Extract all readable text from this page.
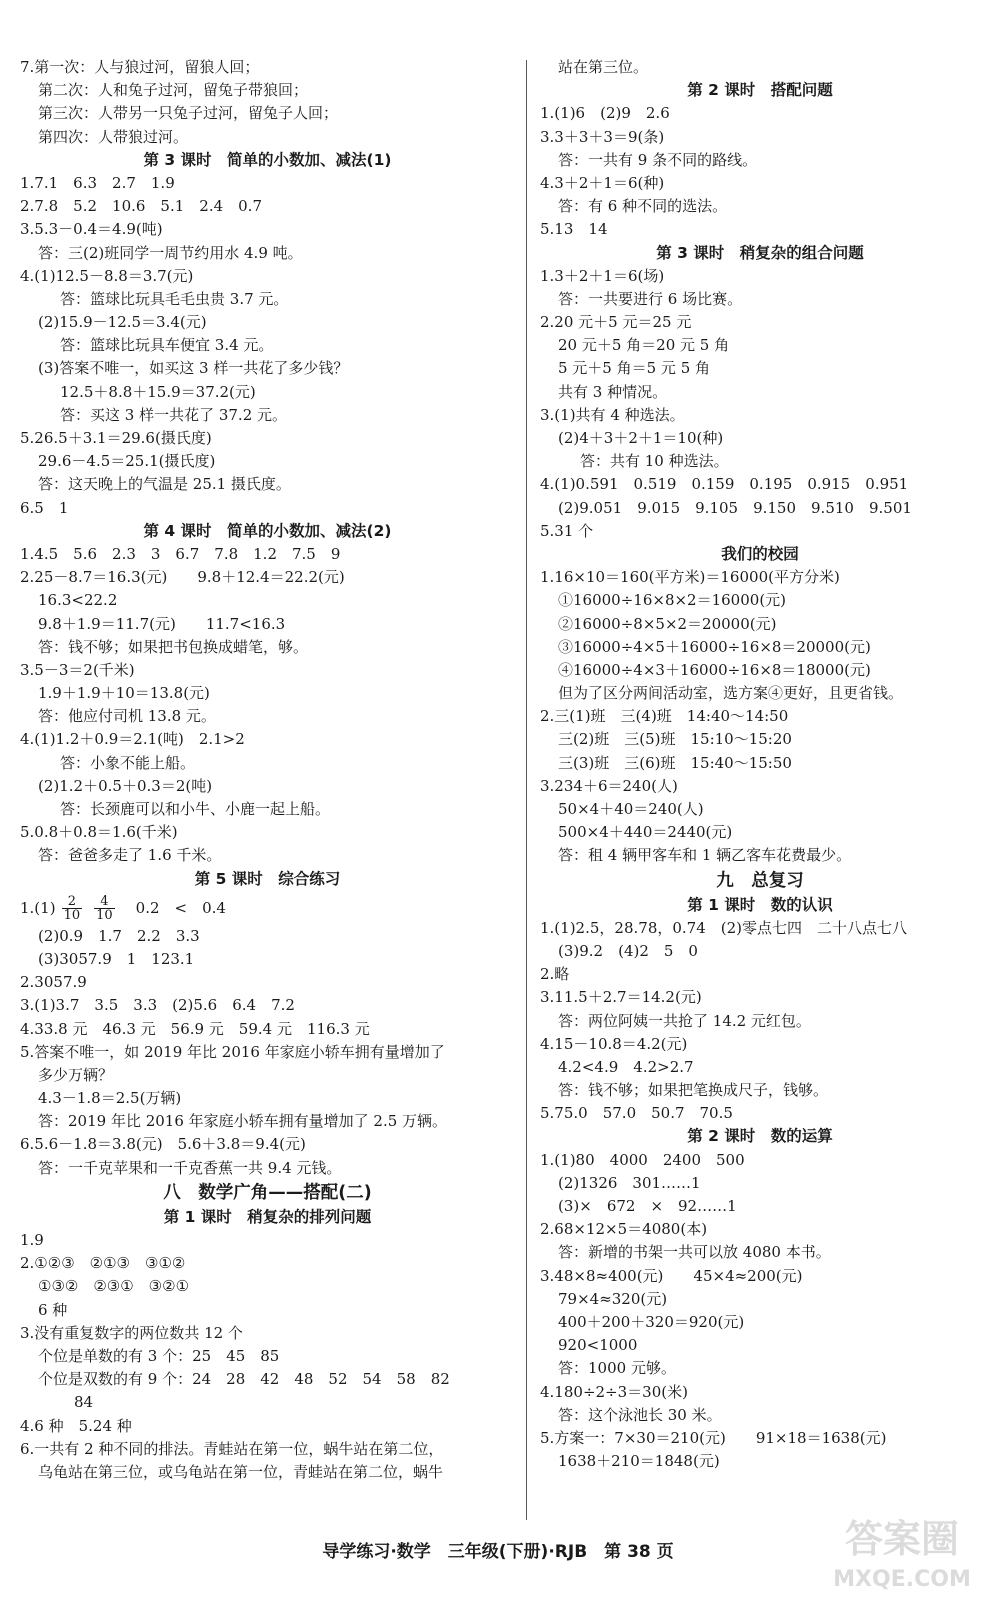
7.第一次：人与狼过河，留狼人回；
第二次：人和兔子过河，留兔子带狼回；
第三次：人带另一只兔子过河，留兔子人回；
第四次：人带狼过河。
第 3 课时　简单的小数加、减法(1)
1.7.1　6.3　2.7　1.9
2.7.8　5.2　10.6　5.1　2.4　0.7
3.5.3－0.4＝4.9(吨)
答：三(2)班同学一周节约用水 4.9 吨。
4.(1)12.5－8.8＝3.7(元)
答：篮球比玩具毛毛虫贵 3.7 元。
(2)15.9－12.5＝3.4(元)
答：篮球比玩具车便宜 3.4 元。
(3)答案不唯一，如买这 3 样一共花了多少钱？
12.5＋8.8＋15.9＝37.2(元)
答：买这 3 样一共花了 37.2 元。
5.26.5＋3.1＝29.6(摄氏度)
29.6－4.5＝25.1(摄氏度)
答：这天晚上的气温是 25.1 摄氏度。
6.5　1
第 4 课时　简单的小数加、减法(2)
1.4.5　5.6　2.3　3　6.7　7.8　1.2　7.5　9
2.25－8.7＝16.3(元)　　9.8＋12.4＝22.2(元)
16.3<22.2
9.8＋1.9＝11.7(元)　　11.7<16.3
答：钱不够；如果把书包换成蜡笔，够。
3.5－3＝2(千米)
1.9＋1.9＋10＝13.8(元)
答：他应付司机 13.8 元。
4.(1)1.2＋0.9＝2.1(吨)　2.1>2
答：小象不能上船。
(2)1.2＋0.5＋0.3＝2(吨)
答：长颈鹿可以和小牛、小鹿一起上船。
5.0.8＋0.8＝1.6(千米)
答：爸爸多走了 1.6 千米。
第 5 课时　综合练习
$1.(1) \frac{2}{10} \frac{4}{10}$ 　0.2　<　0.4
(2)0.9　1.7　2.2　3.3
(3)3057.9　1　123.1
2.3057.9
3.(1)3.7　3.5　3.3　(2)5.6　6.4　7.2
4.33.8 元　46.3 元　56.9 元　59.4 元　116.3 元
5.答案不唯一，如 2019 年比 2016 年家庭小轿车拥有量增加了
多少万辆？
4.3－1.8＝2.5(万辆)
答：2019 年比 2016 年家庭小轿车拥有量增加了 2.5 万辆。
6.5.6－1.8＝3.8(元)　5.6＋3.8＝9.4(元)
答：一千克苹果和一千克香蕉一共 9.4 元钱。
八　数学广角——搭配(二)
第 1 课时　稍复杂的排列问题
1.9
2.①②③　②①③　③①②
①③②　②③①　③②①
6 种
3.没有重复数字的两位数共 12 个
个位是单数的有 3 个：25　45　85
个位是双数的有 9 个：24　28　42　48　52　54　58　82
84
4.6 种　5.24 种
6.一共有 2 种不同的排法。青蛙站在第一位，蜗牛站在第二位，
乌龟站在第三位，或乌龟站在第一位，青蛙站在第二位，蜗牛
站在第三位。
第 2 课时　搭配问题
1.(1)6　(2)9　2.6
3.3＋3＋3＝9(条)
答：一共有 9 条不同的路线。
4.3＋2＋1＝6(种)
答：有 6 种不同的选法。
5.13　14
第 3 课时　稍复杂的组合问题
1.3＋2＋1＝6(场)
答：一共要进行 6 场比赛。
2.20 元＋5 元＝25 元
20 元＋5 角＝20 元 5 角
5 元＋5 角＝5 元 5 角
共有 3 种情况。
3.(1)共有 4 种选法。
(2)4＋3＋2＋1＝10(种)
答：共有 10 种选法。
4.(1)0.591　0.519　0.159　0.195　0.915　0.951
(2)9.051　9.015　9.105　9.150　9.510　9.501
5.31 个
我们的校园
1.16×10＝160(平方米)＝16000(平方分米)
①16000÷16×8×2＝16000(元)
②16000÷8×5×2＝20000(元)
③16000÷4×5＋16000÷16×8＝20000(元)
④16000÷4×3＋16000÷16×8＝18000(元)
但为了区分两间活动室，选方案④更好，且更省钱。
2.三(1)班　三(4)班　14:40～14:50
三(2)班　三(5)班　15:10～15:20
三(3)班　三(6)班　15:40～15:50
3.234＋6＝240(人)
50×4＋40＝240(人)
500×4＋440＝2440(元)
答：租 4 辆甲客车和 1 辆乙客车花费最少。
九　总复习
第 1 课时　数的认识
1.(1)2.5，28.78，0.74　(2)零点七四　二十八点七八
(3)9.2　(4)2　5　0
2.略
3.11.5＋2.7＝14.2(元)
答：两位阿姨一共抢了 14.2 元红包。
4.15－10.8＝4.2(元)
4.2<4.9　4.2>2.7
答：钱不够；如果把笔换成尺子，钱够。
5.75.0　57.0　50.7　70.5
第 2 课时　数的运算
1.(1)80　4000　2400　500
(2)1326　301……1
(3)×　672　×　92……1
2.68×12×5＝4080(本)
答：新增的书架一共可以放 4080 本书。
3.48×8≈400(元)　　45×4≈200(元)
79×4≈320(元)
400＋200＋320＝920(元)
920<1000
答：1000 元够。
4.180÷2÷3＝30(米)
答：这个泳池长 30 米。
5.方案一：7×30＝210(元)　　91×18＝1638(元)
1638＋210＝1848(元)
导学练习·数学　三年级(下册)·RJB　第 38 页	答案圈
MXQE.COM
